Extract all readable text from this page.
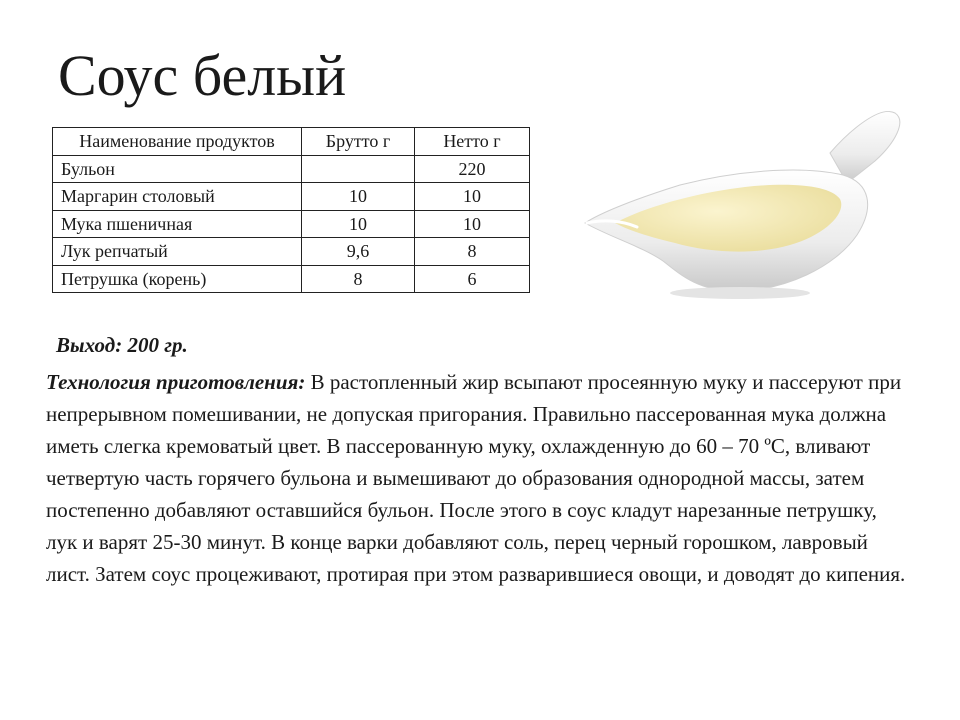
Соус белый
Наименование продуктов	Брутто г	Нетто г
Бульон		220
Маргарин столовый	10	10
Мука пшеничная	10	10
Лук репчатый	9,6	8
Петрушка (корень)	8	6
Выход: 200 гр.
Технология приготовления: В растопленный жир всыпают просеянную муку и пассеруют при непрерывном помешивании, не допуская пригорания. Правильно пассерованная мука должна иметь слегка кремоватый цвет. В пассерованную муку, охлажденную до 60 – 70 ºС, вливают четвертую часть горячего бульона и вымешивают до образования однородной массы, затем постепенно добавляют оставшийся бульон. После этого в соус кладут нарезанные петрушку, лук и варят 25-30 минут. В конце варки добавляют соль, перец черный горошком, лавровый лист. Затем соус процеживают, протирая при этом разварившиеся овощи, и доводят до кипения.
